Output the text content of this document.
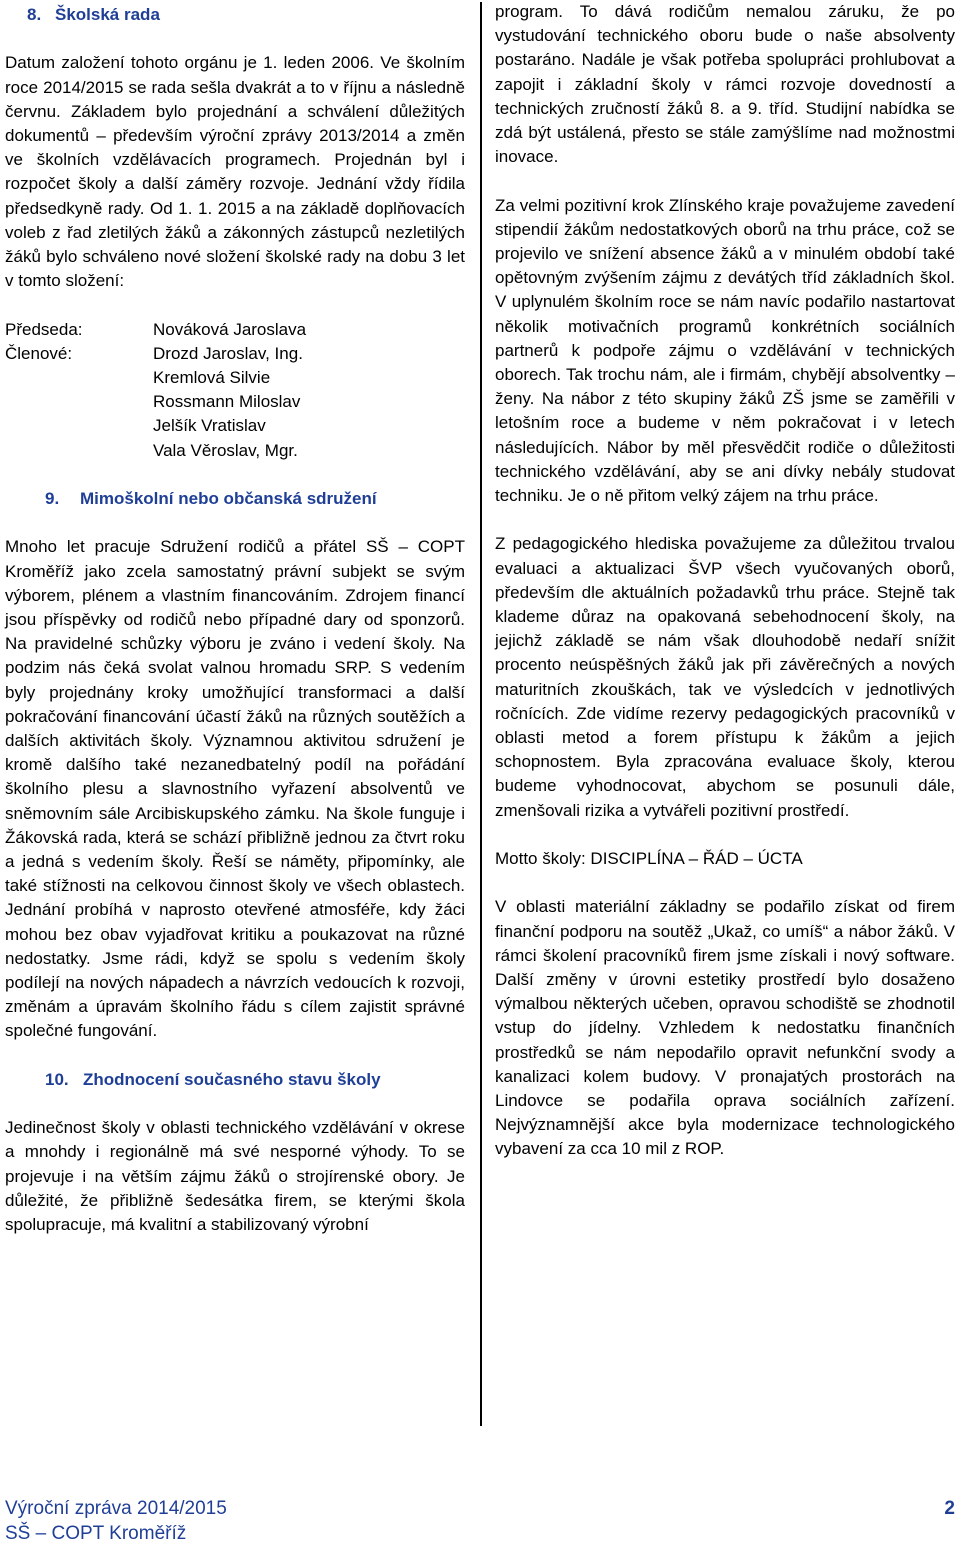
8. Školská rada

Datum založení tohoto orgánu je 1. leden 2006. Ve školním roce 2014/2015 se rada sešla dvakrát a to v říjnu a následně červnu. Základem bylo projednání a schválení důležitých dokumentů – především výroční zprávy 2013/2014 a změn ve školních vzdělávacích programech. Projednán byl i rozpočet školy a další záměry rozvoje. Jednání vždy řídila předsedkyně rady. Od 1. 1. 2015 a na základě doplňovacích voleb z řad zletilých žáků a zákonných zástupců nezletilých žáků bylo schváleno nové složení školské rady na dobu 3 let v tomto složení:

Předseda:	Nováková Jaroslava
Členové:	Drozd Jaroslav, Ing.
Kremlová Silvie
Rossmann Miloslav
Jelšík Vratislav
Vala Věroslav, Mgr.

9. Mimoškolní nebo občanská sdružení

Mnoho let pracuje Sdružení rodičů a přátel SŠ – COPT Kroměříž jako zcela samostatný právní subjekt se svým výborem, plénem a vlastním financováním. Zdrojem financí jsou příspěvky od rodičů nebo případné dary od sponzorů. Na pravidelné schůzky výboru je zváno i vedení školy. Na podzim nás čeká svolat valnou hromadu SRP. S vedením byly projednány kroky umožňující transformaci a další pokračování financování účastí žáků na různých soutěžích a dalších aktivitách školy. Významnou aktivitou sdružení je kromě dalšího také nezanedbatelný podíl na pořádání školního plesu a slavnostního vyřazení absolventů ve sněmovním sále Arcibiskupského zámku. Na škole funguje i Žákovská rada, která se schází přibližně jednou za čtvrt roku a jedná s vedením školy. Řeší se náměty, připomínky, ale také stížnosti na celkovou činnost školy ve všech oblastech. Jednání probíhá v naprosto otevřené atmosféře, kdy žáci mohou bez obav vyjadřovat kritiku a poukazovat na různé nedostatky. Jsme rádi, když se spolu s vedením školy podílejí na nových nápadech a návrzích vedoucích k rozvoji, změnám a úpravám školního řádu s cílem zajistit správné společné fungování.

10. Zhodnocení současného stavu školy

Jedinečnost školy v oblasti technického vzdělávání v okrese a mnohdy i regionálně má své nesporné výhody. To se projevuje i na větším zájmu žáků o strojírenské obory. Je důležité, že přibližně šedesátka firem, se kterými škola spolupracuje, má kvalitní a stabilizovaný výrobní

program. To dává rodičům nemalou záruku, že po vystudování technického oboru bude o naše absolventy postaráno. Nadále je však potřeba spolupráci prohlubovat a zapojit i základní školy v rámci rozvoje dovedností a technických zručností žáků 8. a 9. tříd. Studijní nabídka se zdá být ustálená, přesto se stále zamýšlíme nad možnostmi inovace.

Za velmi pozitivní krok Zlínského kraje považujeme zavedení stipendií žákům nedostatkových oborů na trhu práce, což se projevilo ve snížení absence žáků a v minulém období také opětovným zvýšením zájmu z devátých tříd základních škol. V uplynulém školním roce se nám navíc podařilo nastartovat několik motivačních programů konkrétních sociálních partnerů k podpoře zájmu o vzdělávání v technických oborech. Tak trochu nám, ale i firmám, chybějí absolventky – ženy. Na nábor z této skupiny žáků ZŠ jsme se zaměřili v letošním roce a budeme v něm pokračovat i v letech následujících. Nábor by měl přesvědčit rodiče o důležitosti technického vzdělávání, aby se ani dívky nebály studovat techniku. Je o ně přitom velký zájem na trhu práce.

Z pedagogického hlediska považujeme za důležitou trvalou evaluaci a aktualizaci ŠVP všech vyučovaných oborů, především dle aktuálních požadavků trhu práce. Stejně tak klademe důraz na opakovaná sebehodnocení školy, na jejichž základě se nám však dlouhodobě nedaří snížit procento neúspěšných žáků jak při závěrečných a nových maturitních zkouškách, tak ve výsledcích v jednotlivých ročnících. Zde vidíme rezervy pedagogických pracovníků v oblasti metod a forem přístupu k žákům a jejich schopnostem. Byla zpracována evaluace školy, kterou budeme vyhodnocovat, abychom se posunuli dále, zmenšovali rizika a vytvářeli pozitivní prostředí.

Motto školy: DISCIPLÍNA – ŘÁD – ÚCTA

V oblasti materiální základny se podařilo získat od firem finanční podporu na soutěž „Ukaž, co umíš“ a nábor žáků. V rámci školení pracovníků firem jsme získali i nový software. Další změny v úrovni estetiky prostředí bylo dosaženo výmalbou některých učeben, opravou schodiště se zhodnotil vstup do jídelny. Vzhledem k nedostatku finančních prostředků se nám nepodařilo opravit nefunkční svody a kanalizaci kolem budovy. V pronajatých prostorách na Lindovce se podařila oprava sociálních zařízení. Nejvýznamnější akce byla modernizace technologického vybavení za cca 10 mil z ROP.

Výroční zpráva 2014/2015	2
SŠ – COPT Kroměříž
